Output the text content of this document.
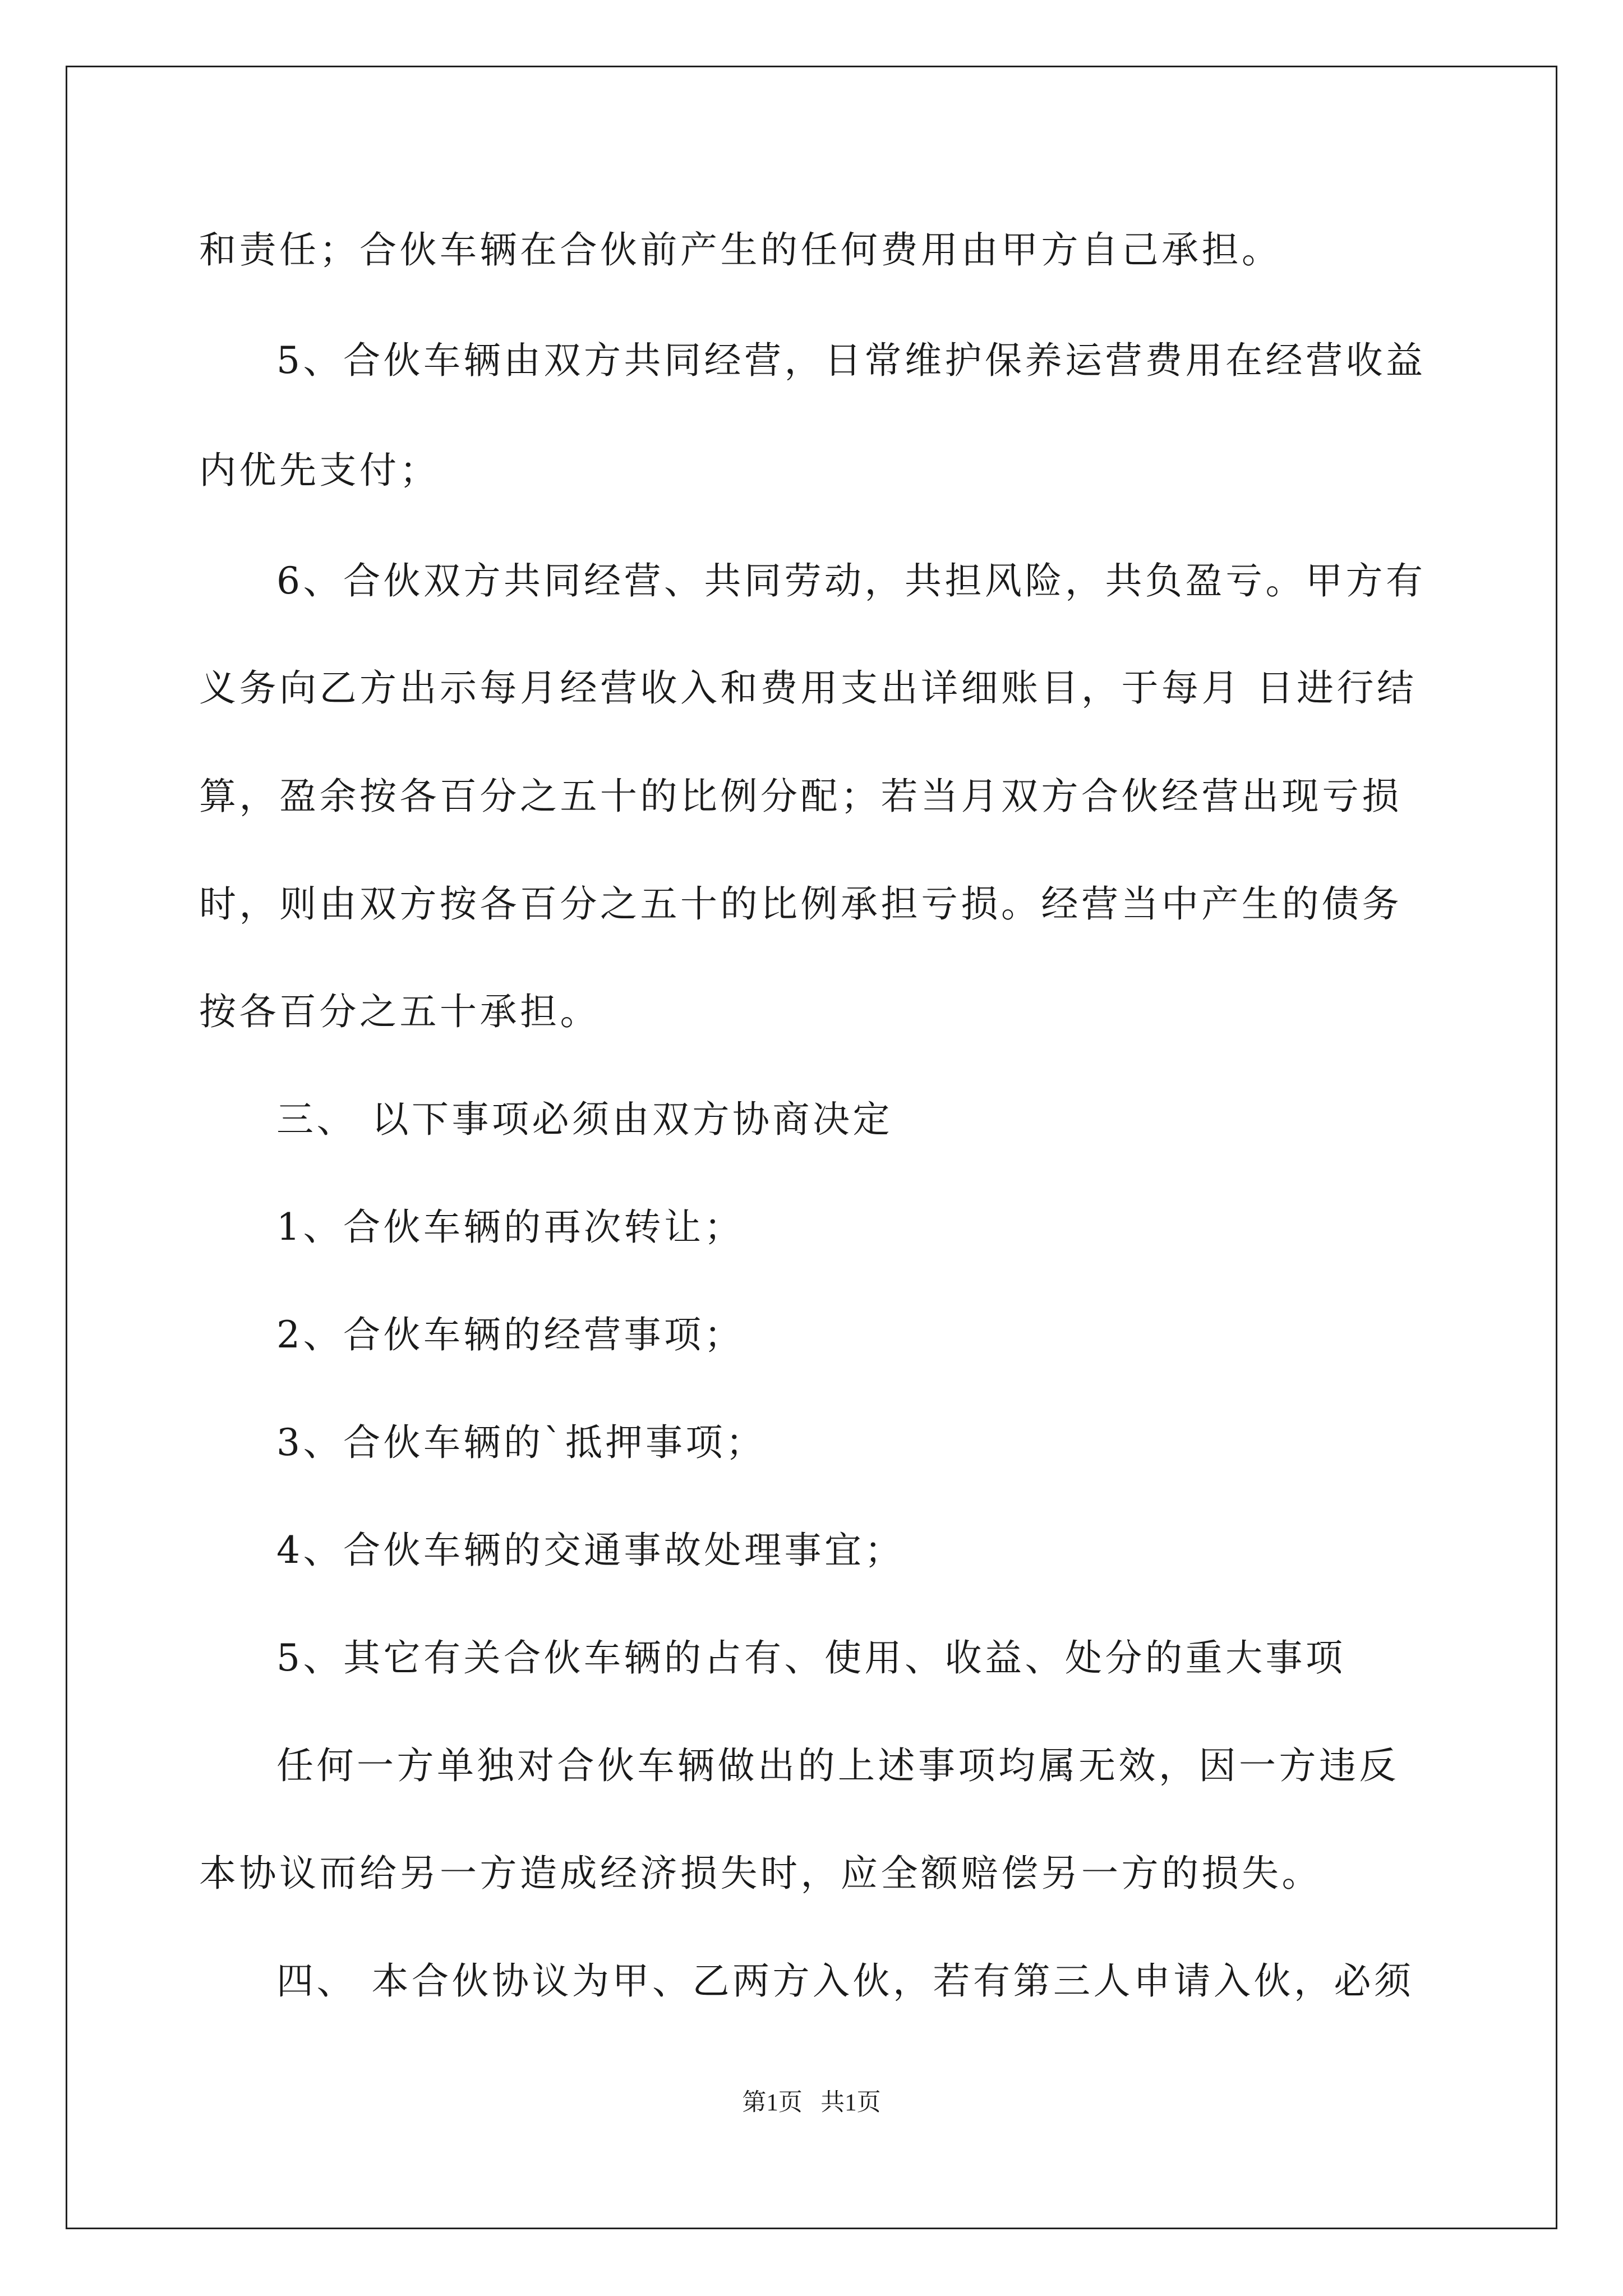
和责任；合伙车辆在合伙前产生的任何费用由甲方自己承担。

5、合伙车辆由双方共同经营，日常维护保养运营费用在经营收益

内优先支付；

6、合伙双方共同经营、共同劳动，共担风险，共负盈亏。甲方有

义务向乙方出示每月经营收入和费用支出详细账目，于每月 日进行结

算，盈余按各百分之五十的比例分配；若当月双方合伙经营出现亏损

时，则由双方按各百分之五十的比例承担亏损。经营当中产生的债务

按各百分之五十承担。

三、 以下事项必须由双方协商决定

1、合伙车辆的再次转让；

2、合伙车辆的经营事项；

3、合伙车辆的`抵押事项；

4、合伙车辆的交通事故处理事宜；

5、其它有关合伙车辆的占有、使用、收益、处分的重大事项

任何一方单独对合伙车辆做出的上述事项均属无效，因一方违反

本协议而给另一方造成经济损失时，应全额赔偿另一方的损失。

四、 本合伙协议为甲、乙两方入伙，若有第三人申请入伙，必须

第1页   共1页
